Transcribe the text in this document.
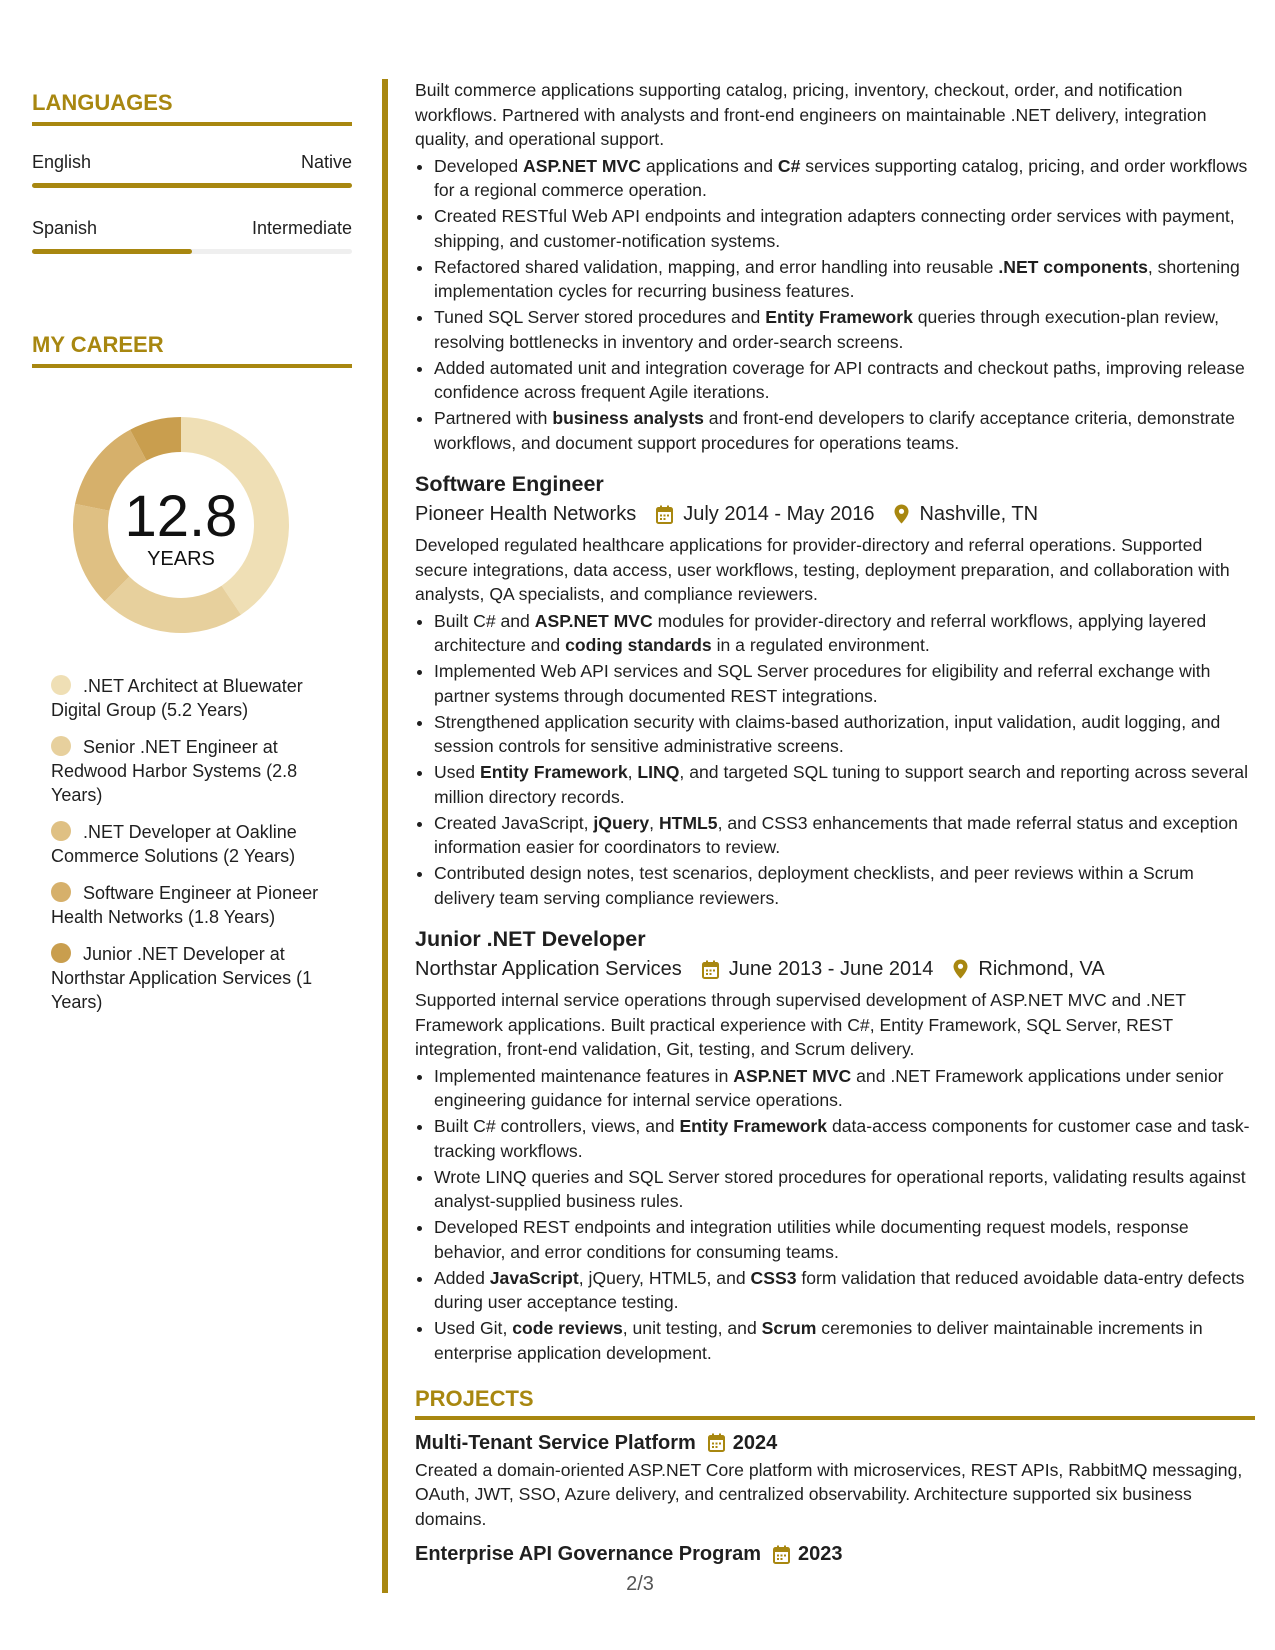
LANGUAGES
English	Native
Spanish	Intermediate
MY CAREER
12.8
YEARS
.NET Architect at Bluewater Digital Group (5.2 Years)
Senior .NET Engineer at Redwood Harbor Systems (2.8 Years)
.NET Developer at Oakline Commerce Solutions (2 Years)
Software Engineer at Pioneer Health Networks (1.8 Years)
Junior .NET Developer at Northstar Application Services (1 Years)

Built commerce applications supporting catalog, pricing, inventory, checkout, order, and notification workflows. Partnered with analysts and front-end engineers on maintainable .NET delivery, integration quality, and operational support.

• Developed ASP.NET MVC applications and C# services supporting catalog, pricing, and order workflows for a regional commerce operation.
• Created RESTful Web API endpoints and integration adapters connecting order services with payment, shipping, and customer-notification systems.
• Refactored shared validation, mapping, and error handling into reusable .NET components, shortening implementation cycles for recurring business features.
• Tuned SQL Server stored procedures and Entity Framework queries through execution-plan review, resolving bottlenecks in inventory and order-search screens.
• Added automated unit and integration coverage for API contracts and checkout paths, improving release confidence across frequent Agile iterations.
• Partnered with business analysts and front-end developers to clarify acceptance criteria, demonstrate workflows, and document support procedures for operations teams.
Software Engineer
Pioneer Health Networks July 2014 - May 2016 Nashville, TN

Developed regulated healthcare applications for provider-directory and referral operations. Supported secure integrations, data access, user workflows, testing, deployment preparation, and collaboration with analysts, QA specialists, and compliance reviewers.

• Built C# and ASP.NET MVC modules for provider-directory and referral workflows, applying layered architecture and coding standards in a regulated environment.
• Implemented Web API services and SQL Server procedures for eligibility and referral exchange with partner systems through documented REST integrations.
• Strengthened application security with claims-based authorization, input validation, audit logging, and session controls for sensitive administrative screens.
• Used Entity Framework, LINQ, and targeted SQL tuning to support search and reporting across several million directory records.
• Created JavaScript, jQuery, HTML5, and CSS3 enhancements that made referral status and exception information easier for coordinators to review.
• Contributed design notes, test scenarios, deployment checklists, and peer reviews within a Scrum delivery team serving compliance reviewers.
Junior .NET Developer
Northstar Application Services June 2013 - June 2014 Richmond, VA

Supported internal service operations through supervised development of ASP.NET MVC and .NET Framework applications. Built practical experience with C#, Entity Framework, SQL Server, REST integration, front-end validation, Git, testing, and Scrum delivery.

• Implemented maintenance features in ASP.NET MVC and .NET Framework applications under senior engineering guidance for internal service operations.
• Built C# controllers, views, and Entity Framework data-access components for customer case and task-tracking workflows.
• Wrote LINQ queries and SQL Server stored procedures for operational reports, validating results against analyst-supplied business rules.
• Developed REST endpoints and integration utilities while documenting request models, response behavior, and error conditions for consuming teams.
• Added JavaScript, jQuery, HTML5, and CSS3 form validation that reduced avoidable data-entry defects during user acceptance testing.
• Used Git, code reviews, unit testing, and Scrum ceremonies to deliver maintainable increments in enterprise application development.
PROJECTS
Multi-Tenant Service Platform 2024

Created a domain-oriented ASP.NET Core platform with microservices, REST APIs, RabbitMQ messaging, OAuth, JWT, SSO, Azure delivery, and centralized observability. Architecture supported six business domains.

Enterprise API Governance Program 2023
2/3
